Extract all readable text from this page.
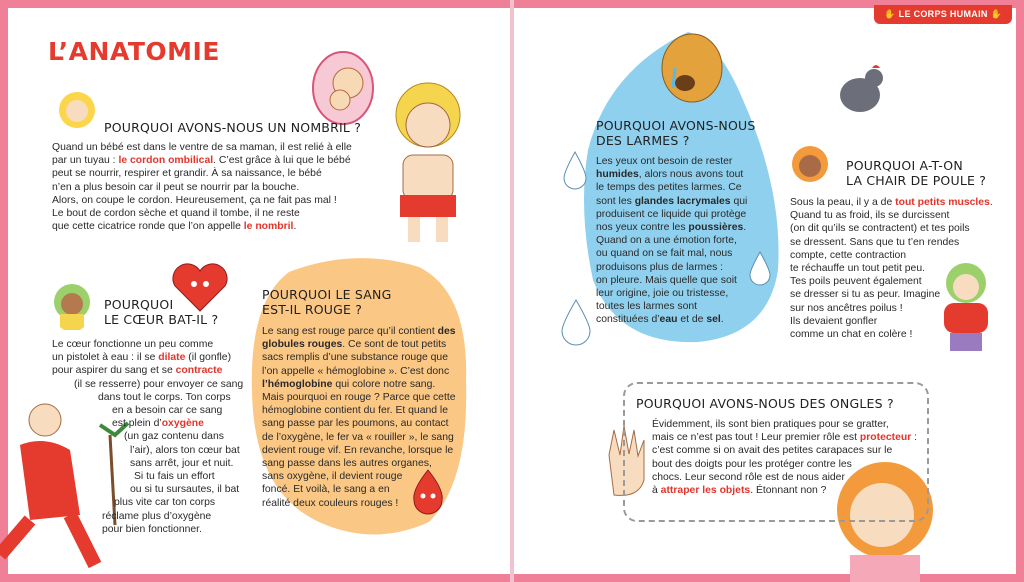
6	7
✋ LE CORPS HUMAIN ✋
L’ANATOMIE
POURQUOI AVONS-NOUS UN NOMBRIL ?
Quand un bébé est dans le ventre de sa maman, il est relié à elle
par un tuyau : le cordon ombilical. C’est grâce à lui que le bébé
peut se nourrir, respirer et grandir. À sa naissance, le bébé
n’en a plus besoin car il peut se nourrir par la bouche.
Alors, on coupe le cordon. Heureusement, ça ne fait pas mal !
Le bout de cordon sèche et quand il tombe, il ne reste
que cette cicatrice ronde que l’on appelle le nombril.
POURQUOI
LE CŒUR BAT-IL ?
Le cœur fonctionne un peu comme
un pistolet à eau : il se dilate (il gonfle)
pour aspirer du sang et se contracte
(il se resserre) pour envoyer ce sang
dans tout le corps. Ton corps
en a besoin car ce sang
est plein d’oxygène
(un gaz contenu dans
l’air), alors ton cœur bat
sans arrêt, jour et nuit.
Si tu fais un effort
ou si tu sursautes, il bat
plus vite car ton corps
réclame plus d’oxygène
pour bien fonctionner.
POURQUOI LE SANG
EST-IL ROUGE ?
Le sang est rouge parce qu’il contient des
globules rouges. Ce sont de tout petits
sacs remplis d’une substance rouge que
l’on appelle « hémoglobine ». C’est donc
l’hémoglobine qui colore notre sang.
Mais pourquoi en rouge ? Parce que cette
hémoglobine contient du fer. Et quand le
sang passe par les poumons, au contact
de l’oxygène, le fer va « rouiller », le sang
devient rouge vif. En revanche, lorsque le
sang passe dans les autres organes,
sans oxygène, il devient rouge
foncé. Et voilà, le sang a en
réalité deux couleurs rouges !
POURQUOI AVONS-NOUS
DES LARMES ?
Les yeux ont besoin de rester
humides, alors nous avons tout
le temps des petites larmes. Ce
sont les glandes lacrymales qui
produisent ce liquide qui protège
nos yeux contre les poussières.
Quand on a une émotion forte,
ou quand on se fait mal, nous
produisons plus de larmes :
on pleure. Mais quelle que soit
leur origine, joie ou tristesse,
toutes les larmes sont
constituées d’eau et de sel.
POURQUOI A-T-ON
LA CHAIR DE POULE ?
Sous la peau, il y a de tout petits muscles.
Quand tu as froid, ils se durcissent
(on dit qu’ils se contractent) et tes poils
se dressent. Sans que tu t’en rendes
compte, cette contraction
te réchauffe un tout petit peu.
Tes poils peuvent également
se dresser si tu as peur. Imagine
sur nos ancêtres poilus !
Ils devaient gonfler
comme un chat en colère !
POURQUOI AVONS-NOUS DES ONGLES ?
Évidemment, ils sont bien pratiques pour se gratter,
mais ce n’est pas tout ! Leur premier rôle est protecteur :
c’est comme si on avait des petites carapaces sur le
bout des doigts pour les protéger contre les
chocs. Leur second rôle est de nous aider
à attraper les objets. Étonnant non ?
